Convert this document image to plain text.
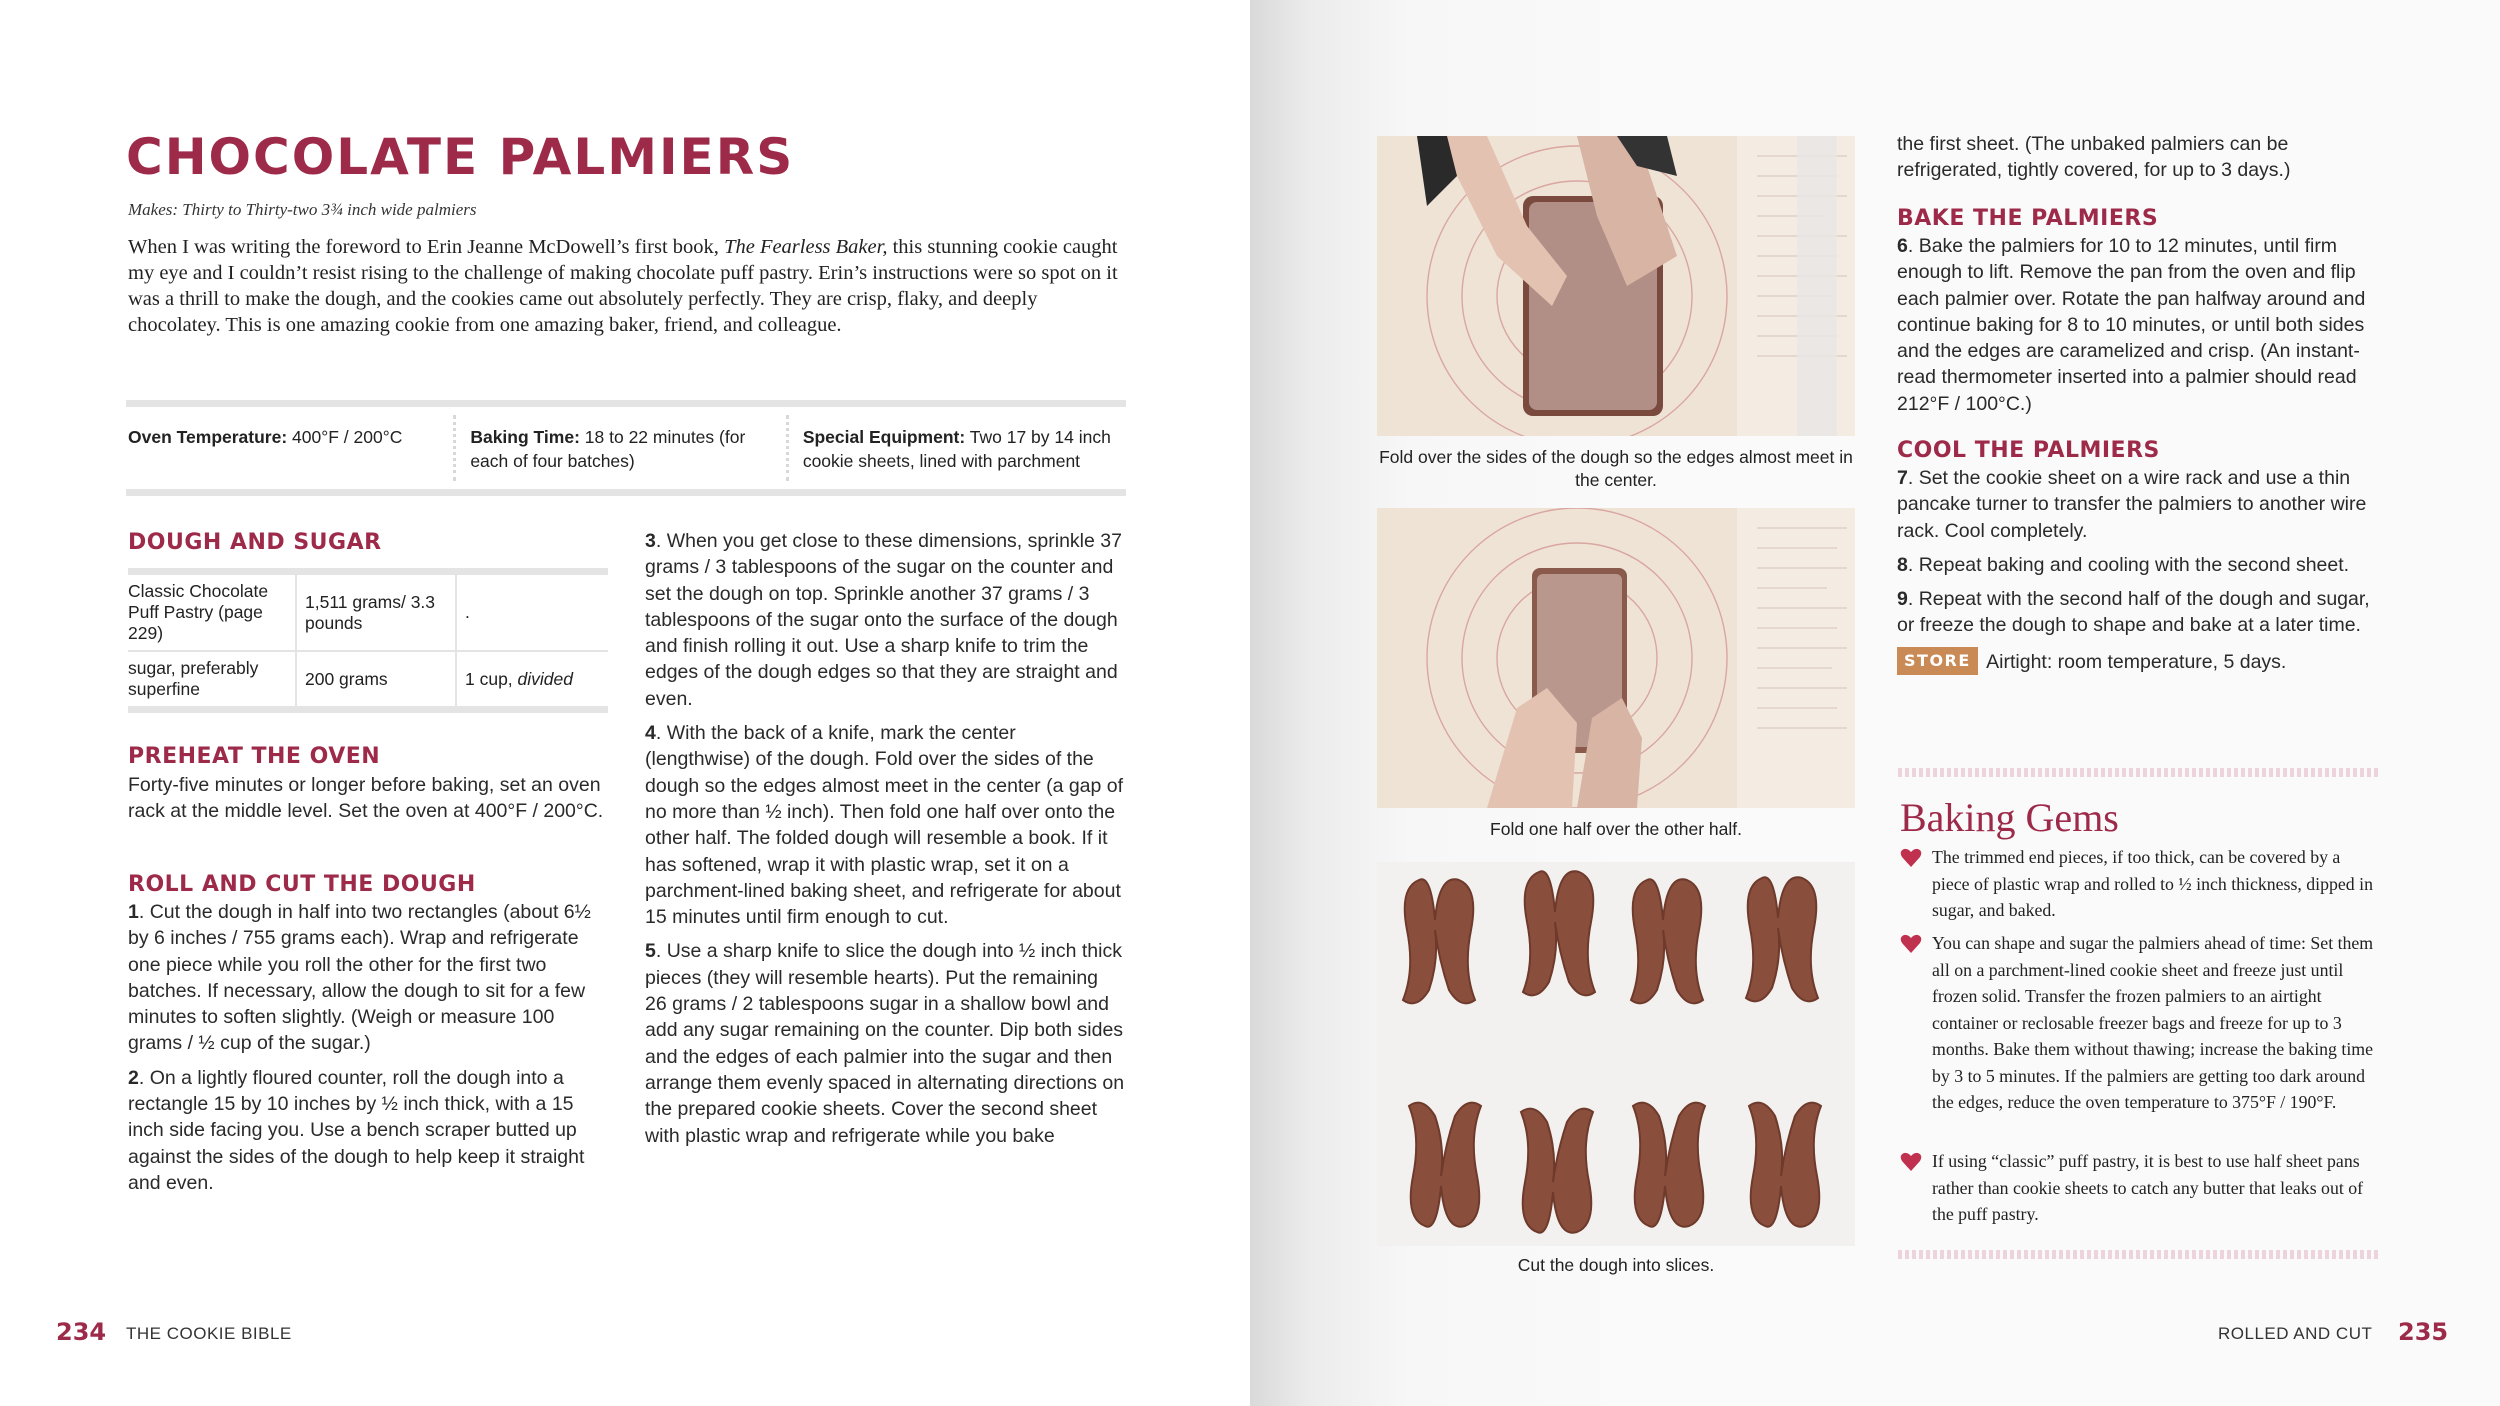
CHOCOLATE PALMIERS
Makes: Thirty to Thirty-two 3¾ inch wide palmiers

When I was writing the foreword to Erin Jeanne McDowell’s first book, The Fearless Baker, this stunning cookie caught my eye and I couldn’t resist rising to the challenge of making chocolate puff pastry. Erin’s instructions were so spot on it was a thrill to make the dough, and the cookies came out absolutely perfectly. They are crisp, flaky, and deeply chocolatey. This is one amazing cookie from one amazing baker, friend, and colleague.

Oven Temperature: 400°F / 200°C	Baking Time: 18 to 22 minutes (for each of four batches)
Special Equipment: Two 17 by 14 inch cookie sheets, lined with parchment
DOUGH AND SUGAR
Classic Chocolate Puff Pastry (page 229)	1,511 grams/ 3.3 pounds	.
sugar, preferably superfine	200 grams	1 cup, divided
PREHEAT THE OVEN
Forty-five minutes or longer before baking, set an oven rack at the middle level. Set the oven at 400°F / 200°C.
ROLL AND CUT THE DOUGH

1. Cut the dough in half into two rectangles (about 6½ by 6 inches / 755 grams each). Wrap and refrigerate one piece while you roll the other for the first two batches. If necessary, allow the dough to sit for a few minutes to soften slightly. (Weigh or measure 100 grams / ½ cup of the sugar.)

2. On a lightly floured counter, roll the dough into a rectangle 15 by 10 inches by ½ inch thick, with a 15 inch side facing you. Use a bench scraper butted up against the sides of the dough to help keep it straight and even.

3. When you get close to these dimensions, sprinkle 37 grams / 3 tablespoons of the sugar on the counter and set the dough on top. Sprinkle another 37 grams / 3 tablespoons of the sugar onto the surface of the dough and finish rolling it out. Use a sharp knife to trim the edges of the dough edges so that they are straight and even.

4. With the back of a knife, mark the center (lengthwise) of the dough. Fold over the sides of the dough so the edges almost meet in the center (a gap of no more than ½ inch). Then fold one half over onto the other half. The folded dough will resemble a book. If it has softened, wrap it with plastic wrap, set it on a parchment-lined baking sheet, and refrigerate for about 15 minutes until firm enough to cut.

5. Use a sharp knife to slice the dough into ½ inch thick pieces (they will resemble hearts). Put the remaining 26 grams / 2 tablespoons sugar in a shallow bowl and add any sugar remaining on the counter. Dip both sides and the edges of each palmier into the sugar and then arrange them evenly spaced in alternating directions on the prepared cookie sheets. Cover the second sheet with plastic wrap and refrigerate while you bake

234 THE COOKIE BIBLE
Fold over the sides of the dough so the edges almost meet in the center.
Fold one half over the other half.
Cut the dough into slices.
the first sheet. (The unbaked palmiers can be refrigerated, tightly covered, for up to 3 days.)
BAKE THE PALMIERS

6. Bake the palmiers for 10 to 12 minutes, until firm enough to lift. Remove the pan from the oven and flip each palmier over. Rotate the pan halfway around and continue baking for 8 to 10 minutes, or until both sides and the edges are caramelized and crisp. (An instant-read thermometer inserted into a palmier should read 212°F / 100°C.)

COOL THE PALMIERS

7. Set the cookie sheet on a wire rack and use a thin pancake turner to transfer the palmiers to another wire rack. Cool completely.

8. Repeat baking and cooling with the second sheet.

9. Repeat with the second half of the dough and sugar, or freeze the dough to shape and bake at a later time.

STORE Airtight: room temperature, 5 days.

Baking Gems
The trimmed end pieces, if too thick, can be covered by a piece of plastic wrap and rolled to ½ inch thickness, dipped in sugar, and baked.
You can shape and sugar the palmiers ahead of time: Set them all on a parchment-lined cookie sheet and freeze just until frozen solid. Transfer the frozen palmiers to an airtight container or reclosable freezer bags and freeze for up to 3 months. Bake them without thawing; increase the baking time by 3 to 5 minutes. If the palmiers are getting too dark around the edges, reduce the oven temperature to 375°F / 190°F.
If using “classic” puff pastry, it is best to use half sheet pans rather than cookie sheets to catch any butter that leaks out of the puff pastry.
ROLLED AND CUT 235
